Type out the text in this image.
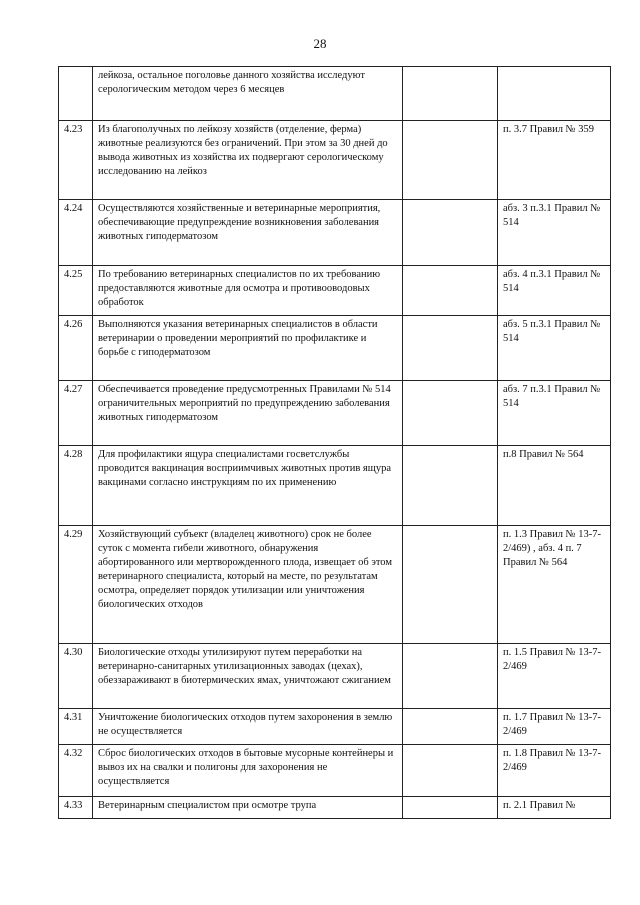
28
	лейкоза, остальное поголовье данного хозяйства исследуют серологическим методом через 6 месяцев		
4.23	Из благополучных по лейкозу хозяйств (отделение, ферма) животные реализуются без ограничений. При этом за 30 дней до вывода животных из хозяйства их подвергают серологическому исследованию на лейкоз		п. 3.7 Правил № 359
4.24	Осуществляются хозяйственные и ветеринарные мероприятия, обеспечивающие предупреждение возникновения заболевания животных гиподерматозом		абз. 3 п.3.1 Правил № 514
4.25	По требованию ветеринарных специалистов по их требованию предоставляются животные для осмотра и противооводовых обработок		абз. 4 п.3.1 Правил № 514
4.26	Выполняются указания ветеринарных специалистов в области ветеринарии о проведении мероприятий по профилактике и борьбе с гиподерматозом		абз. 5 п.3.1 Правил № 514
4.27	Обеспечивается проведение предусмотренных Правилами № 514 ограничительных мероприятий по предупреждению заболевания животных гиподерматозом		абз. 7 п.3.1 Правил № 514
4.28	Для профилактики ящура специалистами госветслужбы проводится вакцинация восприимчивых животных против ящура вакцинами согласно инструкциям по их применению		п.8 Правил № 564
4.29	Хозяйствующий субъект (владелец животного) срок не более суток с момента гибели животного, обнаружения абортированного или мертворожденного плода, извещает об этом ветеринарного специалиста, который на месте, по результатам осмотра, определяет порядок утилизации или уничтожения биологических отходов		п. 1.3 Правил № 13-7-2/469) , абз. 4 п. 7 Правил № 564
4.30	Биологические отходы утилизируют путем переработки на ветеринарно-санитарных утилизационных заводах (цехах), обеззараживают в биотермических ямах, уничтожают сжиганием		п. 1.5 Правил № 13-7-2/469
4.31	Уничтожение биологических отходов путем захоронения в землю не осуществляется		п. 1.7 Правил № 13-7-2/469
4.32	Сброс биологических отходов в бытовые мусорные контейнеры и вывоз их на свалки и полигоны для захоронения не осуществляется		п. 1.8 Правил № 13-7-2/469
4.33	Ветеринарным специалистом при осмотре трупа		п. 2.1 Правил №
